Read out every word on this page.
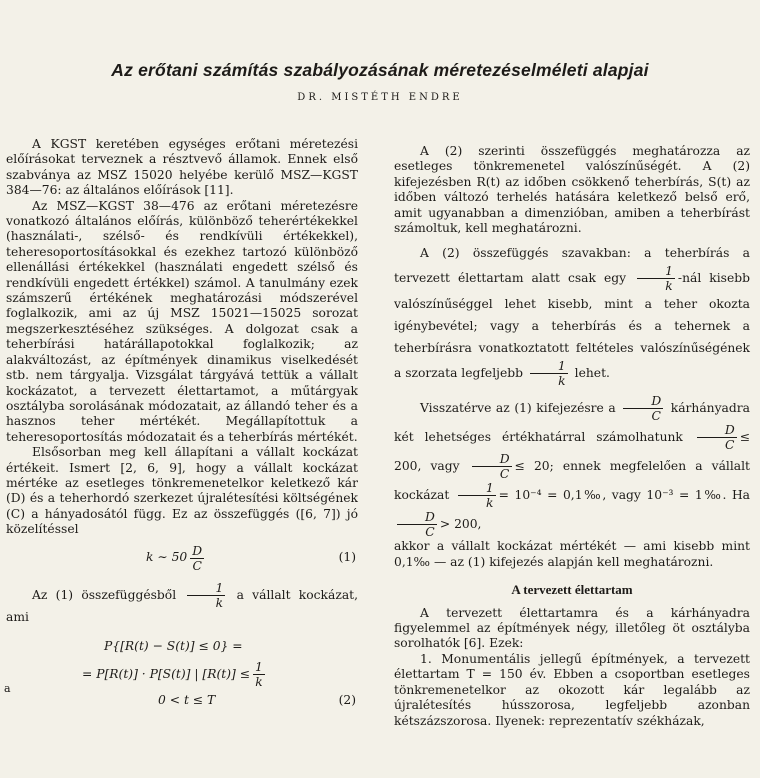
Az erőtani számítás szabályozásának méretezéselméleti alapjai
DR. MISTÉTH ENDRE

A KGST keretében egységes erőtani méretezési előírásokat terveznek a résztvevő államok. Ennek első szabványa az MSZ 15020 helyébe kerülő MSZ—KGST 384—76: az általános előírások [11].

Az MSZ—KGST 38—476 az erőtani méretezésre vonatkozó általános előírás, különböző teherértékekkel (használati-, szélső- és rendkívüli értékekkel), teheresoportosításokkal és ezekhez tartozó különböző ellenállási értékekkel (használati engedett szélső és rendkívüli engedett értékkel) számol. A tanulmány ezek számszerű értékének meghatározási módszerével foglalkozik, ami az új MSZ 15021—15025 sorozat megszerkesztéséhez szükséges. A dolgozat csak a teherbírási határállapotokkal foglalkozik; az alakváltozást, az építmények dinamikus viselkedését stb. nem tárgyalja. Vizsgálat tárgyává tettük a vállalt kockázatot, a tervezett élettartamot, a műtárgyak osztályba sorolásának módozatait, az állandó teher és a hasznos teher mértékét. Megállapítottuk a teheresoportosítás módozatait és a teherbírás mértékét.

Elsősorban meg kell állapítani a vállalt kockázat értékeit. Ismert [2, 6, 9], hogy a vállalt kockázat mértéke az esetleges tönkremenetelkor keletkező kár (D) és a teherhordó szerkezet újralétesítési költségének (C) a hányadosától függ. Ez az összefüggés ([6, 7]) jó közelítéssel

k ∼ $50 \frac{D}{C}$	(1)

Az (1) összefüggésből $\frac{1}{k}$ a vállalt kockázat, ami

P{[R(t) − S(t)] ≤ 0} =
= P[R(t)] · P[S(t)] | $[R(t)] \le \frac{1}{k}$
0 < t ≤ T	(2)
a

A (2) szerinti összefüggés meghatározza az esetleges tönkremenetel valószínűségét. A (2) kifejezésben R(t) az időben csökkenő teherbírás, S(t) az időben változó terhelés hatására keletkező belső erő, amit ugyanabban a dimenzióban, amiben a teherbírást számoltuk, kell meghatározni.

A (2) összefüggés szavakban: a teherbírás a tervezett élettartam alatt csak egy $\frac{1}{k}$ -nál kisebb valószínűséggel lehet kisebb, mint a teher okozta igénybevétel; vagy a teherbírás és a tehernek a teherbírásra vonatkoztatott feltételes valószínűségének a szorzata legfeljebb $\frac{1}{k}$ lehet.

Visszatérve az (1) kifejezésre a $\frac{D}{C}$ kárhányadra két lehetséges értékhatárral számolhatunk $\frac{D}{C} \le 200$, vagy $\frac{D}{C} \le 20$; ennek megfelelően a vállalt kockázat $\frac{1}{k} = 10^{-4}$ = 0,1‰, vagy 10⁻³ = 1‰. Ha
$\frac{D}{C} > 200$,

akkor a vállalt kockázat mértékét — ami kisebb mint 0,1‰ — az (1) kifejezés alapján kell meghatározni.

A tervezett élettartam

A tervezett élettartamra és a kárhányadra figyelemmel az építmények négy, illetőleg öt osztályba sorolhatók [6]. Ezek:

1. Monumentális jellegű építmények, a tervezett élettartam T = 150 év. Ebben a csoportban esetleges tönkremenetelkor az okozott kár legalább az újralétesítés hússzorosa, legfeljebb azonban kétszázszorosa. Ilyenek: reprezentatív székházak,
